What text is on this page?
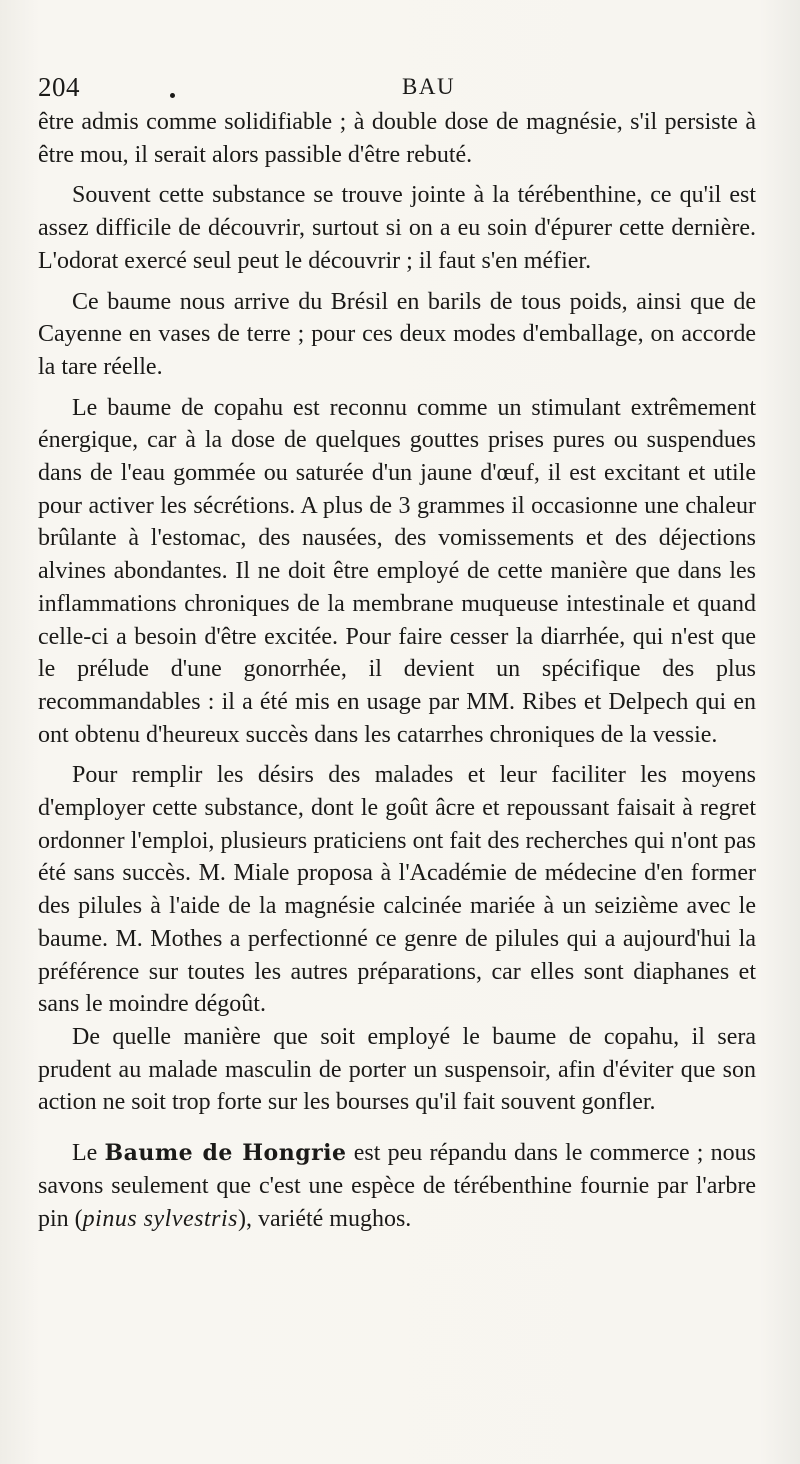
204	BAU

être admis comme solidifiable ; à double dose de magnésie, s'il persiste à être mou, il serait alors passible d'être rebuté.

Souvent cette substance se trouve jointe à la térébenthine, ce qu'il est assez difficile de découvrir, surtout si on a eu soin d'épurer cette dernière. L'odorat exercé seul peut le découvrir ; il faut s'en méfier.

Ce baume nous arrive du Brésil en barils de tous poids, ainsi que de Cayenne en vases de terre ; pour ces deux modes d'emballage, on accorde la tare réelle.

Le baume de copahu est reconnu comme un stimulant extrêmement énergique, car à la dose de quelques gouttes prises pures ou suspendues dans de l'eau gommée ou saturée d'un jaune d'œuf, il est excitant et utile pour activer les sécrétions. A plus de 3 grammes il occasionne une chaleur brûlante à l'estomac, des nausées, des vomissements et des déjections alvines abondantes. Il ne doit être employé de cette manière que dans les inflammations chroniques de la membrane muqueuse intestinale et quand celle-ci a besoin d'être excitée. Pour faire cesser la diarrhée, qui n'est que le prélude d'une gonorrhée, il devient un spécifique des plus recommandables : il a été mis en usage par MM. Ribes et Delpech qui en ont obtenu d'heureux succès dans les catarrhes chroniques de la vessie.

Pour remplir les désirs des malades et leur faciliter les moyens d'employer cette substance, dont le goût âcre et repoussant faisait à regret ordonner l'emploi, plusieurs praticiens ont fait des recherches qui n'ont pas été sans succès. M. Miale proposa à l'Académie de médecine d'en former des pilules à l'aide de la magnésie calcinée mariée à un seizième avec le baume. M. Mothes a perfectionné ce genre de pilules qui a aujourd'hui la préférence sur toutes les autres préparations, car elles sont diaphanes et sans le moindre dégoût.

De quelle manière que soit employé le baume de copahu, il sera prudent au malade masculin de porter un suspensoir, afin d'éviter que son action ne soit trop forte sur les bourses qu'il fait souvent gonfler.

Le Baume de Hongrie est peu répandu dans le commerce ; nous savons seulement que c'est une espèce de térébenthine fournie par l'arbre pin (pinus sylvestris), variété mughos.
